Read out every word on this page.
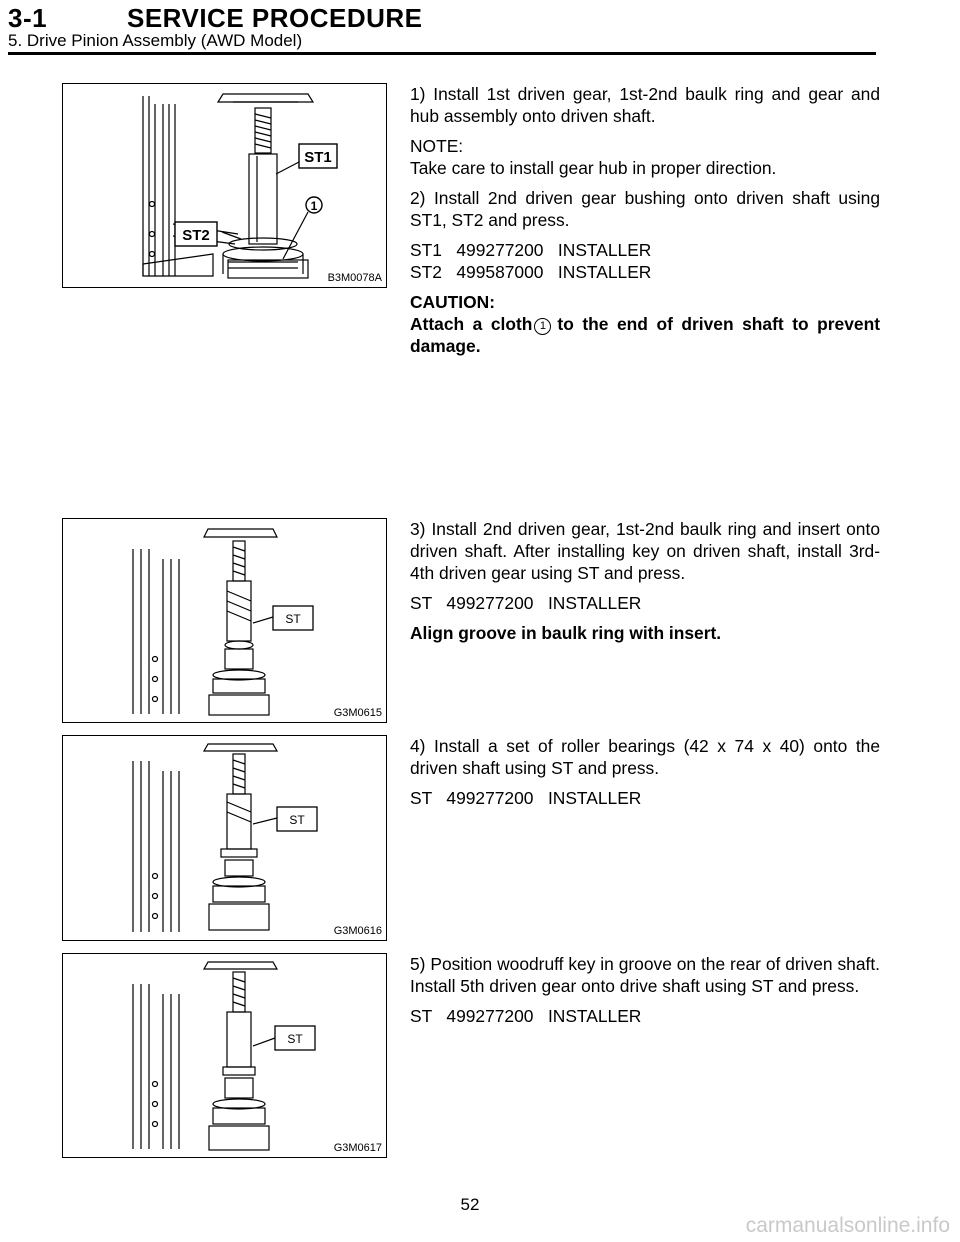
3-1	SERVICE PROCEDURE
5. Drive Pinion Assembly (AWD Model)
ST1
ST2
1
B3M0078A
ST
G3M0615
ST
G3M0616
ST
G3M0617

1) Install 1st driven gear, 1st-2nd baulk ring and gear and hub assembly onto driven shaft.

NOTE:

Take care to install gear hub in proper direction.

2) Install 2nd driven gear bushing onto driven shaft using ST1, ST2 and press.

ST1   499277200   INSTALLER

ST2   499587000   INSTALLER

CAUTION:

Attach a cloth 1 to the end of driven shaft to prevent damage.

3) Install 2nd driven gear, 1st-2nd baulk ring and insert onto driven shaft. After installing key on driven shaft, install 3rd-4th driven gear using ST and press.

ST   499277200   INSTALLER

Align groove in baulk ring with insert.

4) Install a set of roller bearings (42 x 74 x 40) onto the driven shaft using ST and press.

ST   499277200   INSTALLER

5) Position woodruff key in groove on the rear of driven shaft. Install 5th driven gear onto drive shaft using ST and press.

ST   499277200   INSTALLER

52
carmanualsonline.info
